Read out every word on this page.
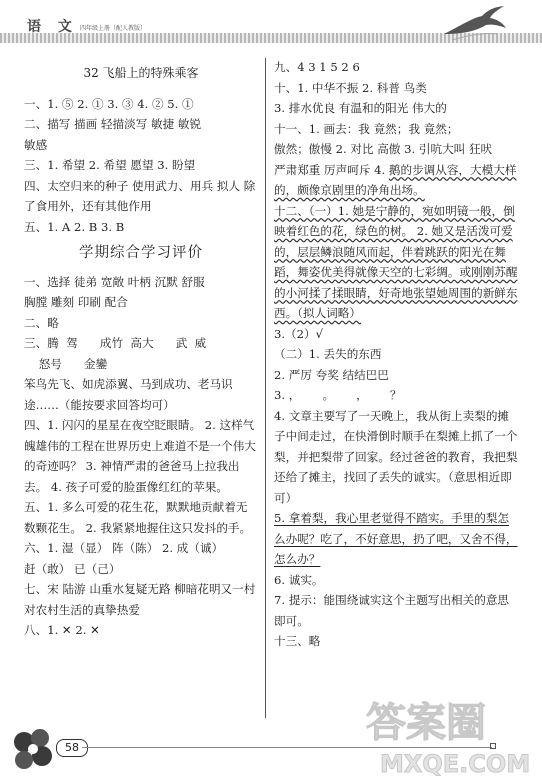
语 文 四年级上册（配人教版）
32 飞船上的特殊乘客
一、1. ⑤ 2. ① 3. ③ 4. ② 5. ①
二、描写 描画 轻描淡写 敏捷 敏锐
敏感
三、1. 希望 2. 希望 愿望 3. 盼望
四、太空归来的种子 使用武力、用兵 拟人 除了食用外，还有其他作用
五、1. A 2. B 3. B
学期综合学习评价
一、选择 徒弟 宽敞 叶柄 沉默 舒服
胸膛 雕刻 印刷 配合
二、略
三、腾  驾      成竹  高大      武  威
怒号      金鑾
笨鸟先飞、如虎添翼、马到成功、老马识途……（能按要求回答均可）
四、1. 闪闪的星星在夜空眨眼睛。 2. 这样气魄雄伟的工程在世界历史上难道不是一个伟大的奇迹吗？ 3. 神情严肃的爸爸马上拉我出去。 4. 孩子可爱的脸蛋像红红的苹果。
五、1. 多么可爱的花生花，默默地贡献着无数颗花生。 2. 我紧紧地握住这只发抖的手。
六、1. 湿（显） 阵（陈） 2. 成（诚）
赶（敢） 已（己）
七、宋 陆游 山重水复疑无路 柳暗花明又一村 对农村生活的真挚热爱
八、1. ✕ 2. ✕
九、4 3 1 5 2 6
十、1. 中华不振 2. 科普 鸟类
3. 排水优良 有温和的阳光 伟大的
十一、1. 画去：我 竟然；我 竟然；
傲然；傲慢 2. 对比 高傲 3. 引吭大叫 狂吠
严肃郑重 厉声呵斥 4. 鹅的步调从容，大模大样的，颇像京剧里的净角出场。
十二、（一）1. 她是宁静的，宛如明镜一般，倒映着红色的花，绿色的树。 2. 她又是活泼可爱的，层层鳞浪随风而起，伴着跳跃的阳光在舞蹈，舞姿优美得就像天空的七彩绸。或刚刚苏醒的小河揉了揉眼睛，好奇地张望她周围的新鲜东西。（拟人词略）
3.（2）√
（二）1. 丢失的东西
2. 严厉 夸奖 结结巴巴
3. ，      。      ，      ？
4. 文章主要写了一天晚上，我从街上卖梨的摊子中间走过，在快滑倒时顺手在梨摊上抓了一个梨，并把梨带了回家。经过爸爸的教育，我把梨还给了摊主，找回了丢失的诚实。（意思相近即可）
5. 拿着梨，我心里老觉得不踏实。手里的梨怎么办呢？吃了，不好意思，扔了吧，又舍不得，怎么办？
6. 诚实。
7. 提示：能围绕诚实这个主题写出相关的意思即可。
十三、略
答案圈
MXQE.COM
58
